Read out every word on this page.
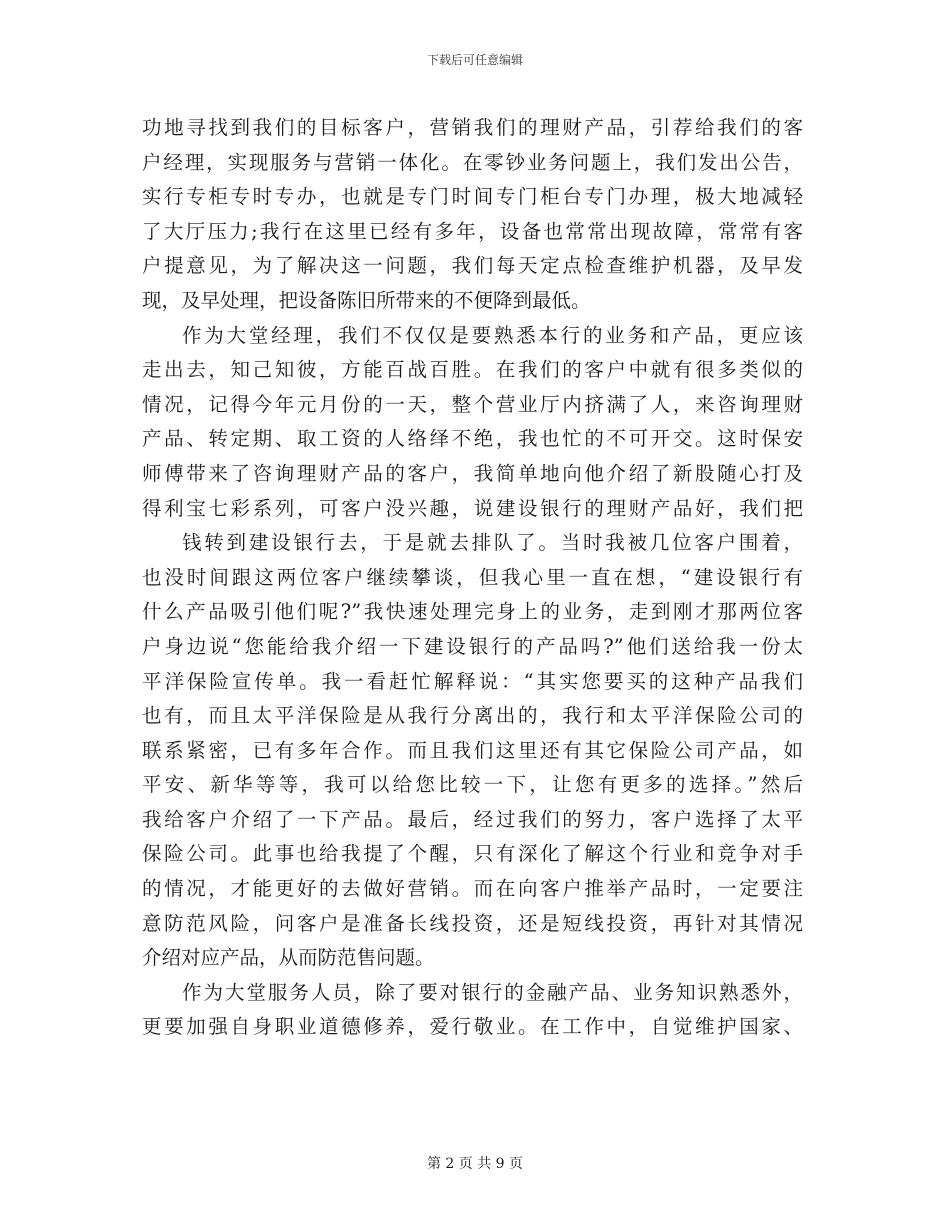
下载后可任意编辑
功地寻找到我们的目标客户，营销我们的理财产品，引荐给我们的客
户经理，实现服务与营销一体化。在零钞业务问题上，我们发出公告，
实行专柜专时专办，也就是专门时间专门柜台专门办理，极大地减轻
了大厅压力;我行在这里已经有多年，设备也常常出现故障，常常有客
户提意见，为了解决这一问题，我们每天定点检查维护机器，及早发
现，及早处理，把设备陈旧所带来的不便降到最低。
作为大堂经理，我们不仅仅是要熟悉本行的业务和产品，更应该
走出去，知己知彼，方能百战百胜。在我们的客户中就有很多类似的
情况，记得今年元月份的一天，整个营业厅内挤满了人，来咨询理财
产品、转定期、取工资的人络绎不绝，我也忙的不可开交。这时保安
师傅带来了咨询理财产品的客户，我简单地向他介绍了新股随心打及
得利宝七彩系列，可客户没兴趣，说建设银行的理财产品好，我们把
钱转到建设银行去，于是就去排队了。当时我被几位客户围着，
也没时间跟这两位客户继续攀谈，但我心里一直在想，“建设银行有
什么产品吸引他们呢?”我快速处理完身上的业务，走到刚才那两位客
户身边说“您能给我介绍一下建设银行的产品吗?”他们送给我一份太
平洋保险宣传单。我一看赶忙解释说：“其实您要买的这种产品我们
也有，而且太平洋保险是从我行分离出的，我行和太平洋保险公司的
联系紧密，已有多年合作。而且我们这里还有其它保险公司产品，如
平安、新华等等，我可以给您比较一下，让您有更多的选择。”然后
我给客户介绍了一下产品。最后，经过我们的努力，客户选择了太平
保险公司。此事也给我提了个醒，只有深化了解这个行业和竞争对手
的情况，才能更好的去做好营销。而在向客户推举产品时，一定要注
意防范风险，问客户是准备长线投资，还是短线投资，再针对其情况
介绍对应产品，从而防范售问题。
作为大堂服务人员，除了要对银行的金融产品、业务知识熟悉外，
更要加强自身职业道德修养，爱行敬业。在工作中，自觉维护国家、
第 2 页 共 9 页
